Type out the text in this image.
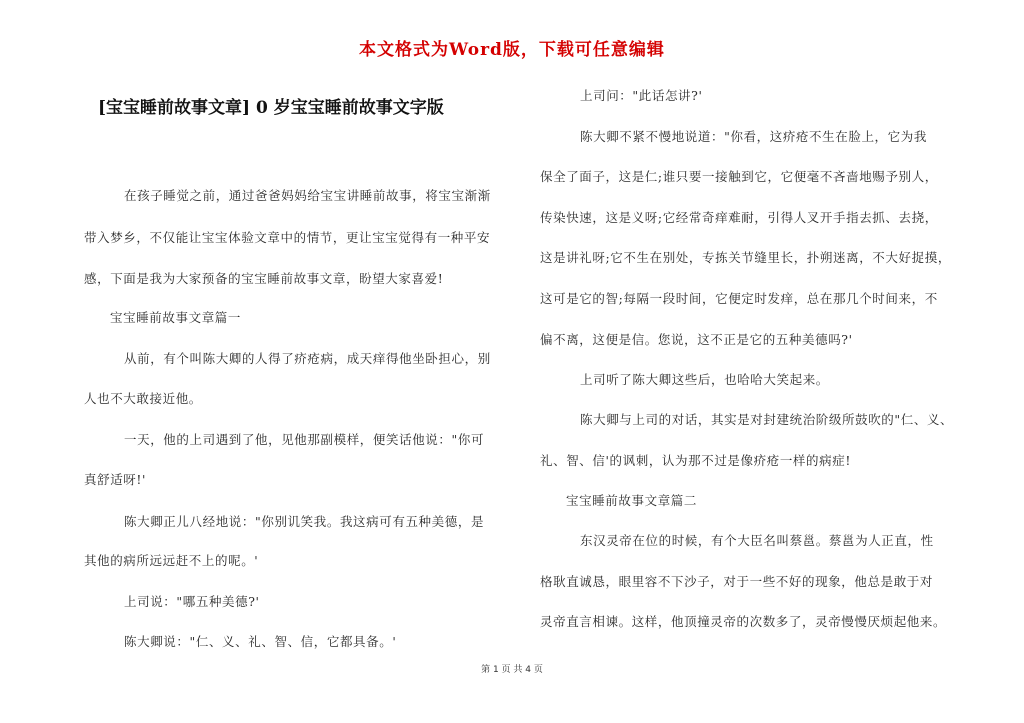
本文格式为Word版，下载可任意编辑
[宝宝睡前故事文章] 0 岁宝宝睡前故事文字版

在孩子睡觉之前，通过爸爸妈妈给宝宝讲睡前故事，将宝宝渐渐

带入梦乡，不仅能让宝宝体验文章中的情节，更让宝宝觉得有一种平安

感，下面是我为大家预备的宝宝睡前故事文章，盼望大家喜爱!

宝宝睡前故事文章篇一

从前，有个叫陈大卿的人得了疥疮病，成天痒得他坐卧担心，别

人也不大敢接近他。

一天，他的上司遇到了他，见他那副模样，便笑话他说："你可

真舒适呀!'

陈大卿正儿八经地说："你别讥笑我。我这病可有五种美德，是

其他的病所远远赶不上的呢。'

上司说："哪五种美德?'

陈大卿说："仁、义、礼、智、信，它都具备。'

上司问："此话怎讲?'

陈大卿不紧不慢地说道："你看，这疥疮不生在脸上，它为我

保全了面子，这是仁;谁只要一接触到它，它便毫不吝啬地赐予别人，

传染快速，这是义呀;它经常奇痒难耐，引得人叉开手指去抓、去挠，

这是讲礼呀;它不生在别处，专拣关节缝里长，扑朔迷离，不大好捉摸，

这可是它的智;每隔一段时间，它便定时发痒，总在那几个时间来，不

偏不离，这便是信。您说，这不正是它的五种美德吗?'

上司听了陈大卿这些后，也哈哈大笑起来。

陈大卿与上司的对话，其实是对封建统治阶级所鼓吹的"仁、义、

礼、智、信'的讽刺，认为那不过是像疥疮一样的病症!

宝宝睡前故事文章篇二

东汉灵帝在位的时候，有个大臣名叫蔡邕。蔡邕为人正直，性

格耿直诚恳，眼里容不下沙子，对于一些不好的现象，他总是敢于对

灵帝直言相谏。这样，他顶撞灵帝的次数多了，灵帝慢慢厌烦起他来。

第 1 页 共 4 页
